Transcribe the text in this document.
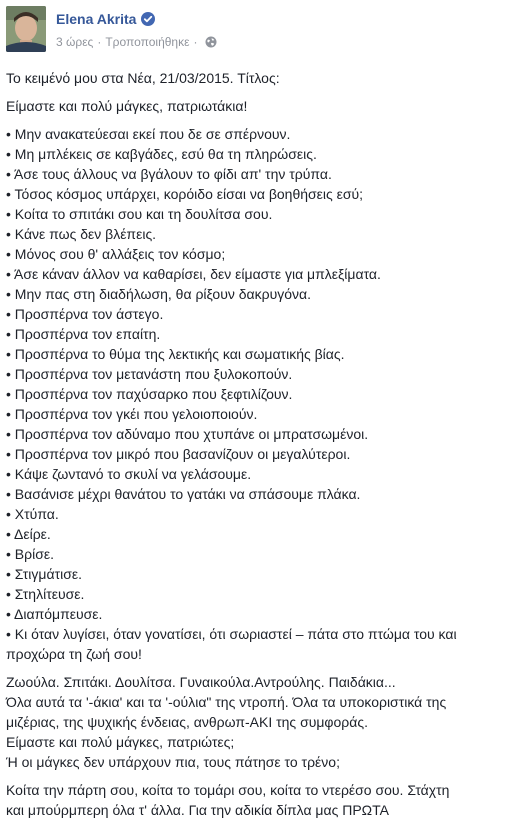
Elena Akrita
3 ώρες · Τροποποιήθηκε ·

Το κειμένό μου στα Νέα, 21/03/2015. Τίτλος:

Είμαστε και πολύ μάγκες, πατριωτάκια!

• Μην ανακατεύεσαι εκεί που δε σε σπέρνουν.
• Μη μπλέκεις σε καβγάδες, εσύ θα τη πληρώσεις.
• Άσε τους άλλους να βγάλουν το φίδι απ' την τρύπα.
• Τόσος κόσμος υπάρχει, κορόιδο είσαι να βοηθήσεις εσύ;
• Κοίτα το σπιτάκι σου και τη δουλίτσα σου.
• Κάνε πως δεν βλέπεις.
• Μόνος σου θ' αλλάξεις τον κόσμο;
• Άσε κάναν άλλον να καθαρίσει, δεν είμαστε για μπλεξίματα.
• Μην πας στη διαδήλωση, θα ρίξουν δακρυγόνα.
• Προσπέρνα τον άστεγο.
• Προσπέρνα τον επαίτη.
• Προσπέρνα το θύμα της λεκτικής και σωματικής βίας.
• Προσπέρνα τον μετανάστη που ξυλοκοπούν.
• Προσπέρνα τον παχύσαρκο που ξεφτιλίζουν.
• Προσπέρνα τον γκέι που γελοιοποιούν.
• Προσπέρνα τον αδύναμο που χτυπάνε οι μπρατσωμένοι.
• Προσπέρνα τον μικρό που βασανίζουν οι μεγαλύτεροι.
• Κάψε ζωντανό το σκυλί να γελάσουμε.
• Βασάνισε μέχρι θανάτου το γατάκι να σπάσουμε πλάκα.
• Χτύπα.
• Δείρε.
• Βρίσε.
• Στιγμάτισε.
• Στηλίτευσε.
• Διαπόμπευσε.
• Κι όταν λυγίσει, όταν γονατίσει, ότι σωριαστεί – πάτα στο πτώμα του και
προχώρα τη ζωή σου!
Ζωούλα. Σπιτάκι. Δουλίτσα. Γυναικούλα.Αντρούλης. Παιδάκια...
Όλα αυτά τα '-άκια' και τα '-ούλια" της ντροπή. Όλα τα υποκοριστικά της
μιζέριας, της ψυχικής ένδειας, ανθρωπ-ΑΚΙ της συμφοράς.
Είμαστε και πολύ μάγκες, πατριώτες;
Ή οι μάγκες δεν υπάρχουν πια, τους πάτησε το τρένο;
Κοίτα την πάρτη σου, κοίτα το τομάρι σου, κοίτα το ντερέσο σου. Στάχτη
και μπούρμπερη όλα τ' άλλα. Για την αδικία δίπλα μας ΠΡΩΤΑ
